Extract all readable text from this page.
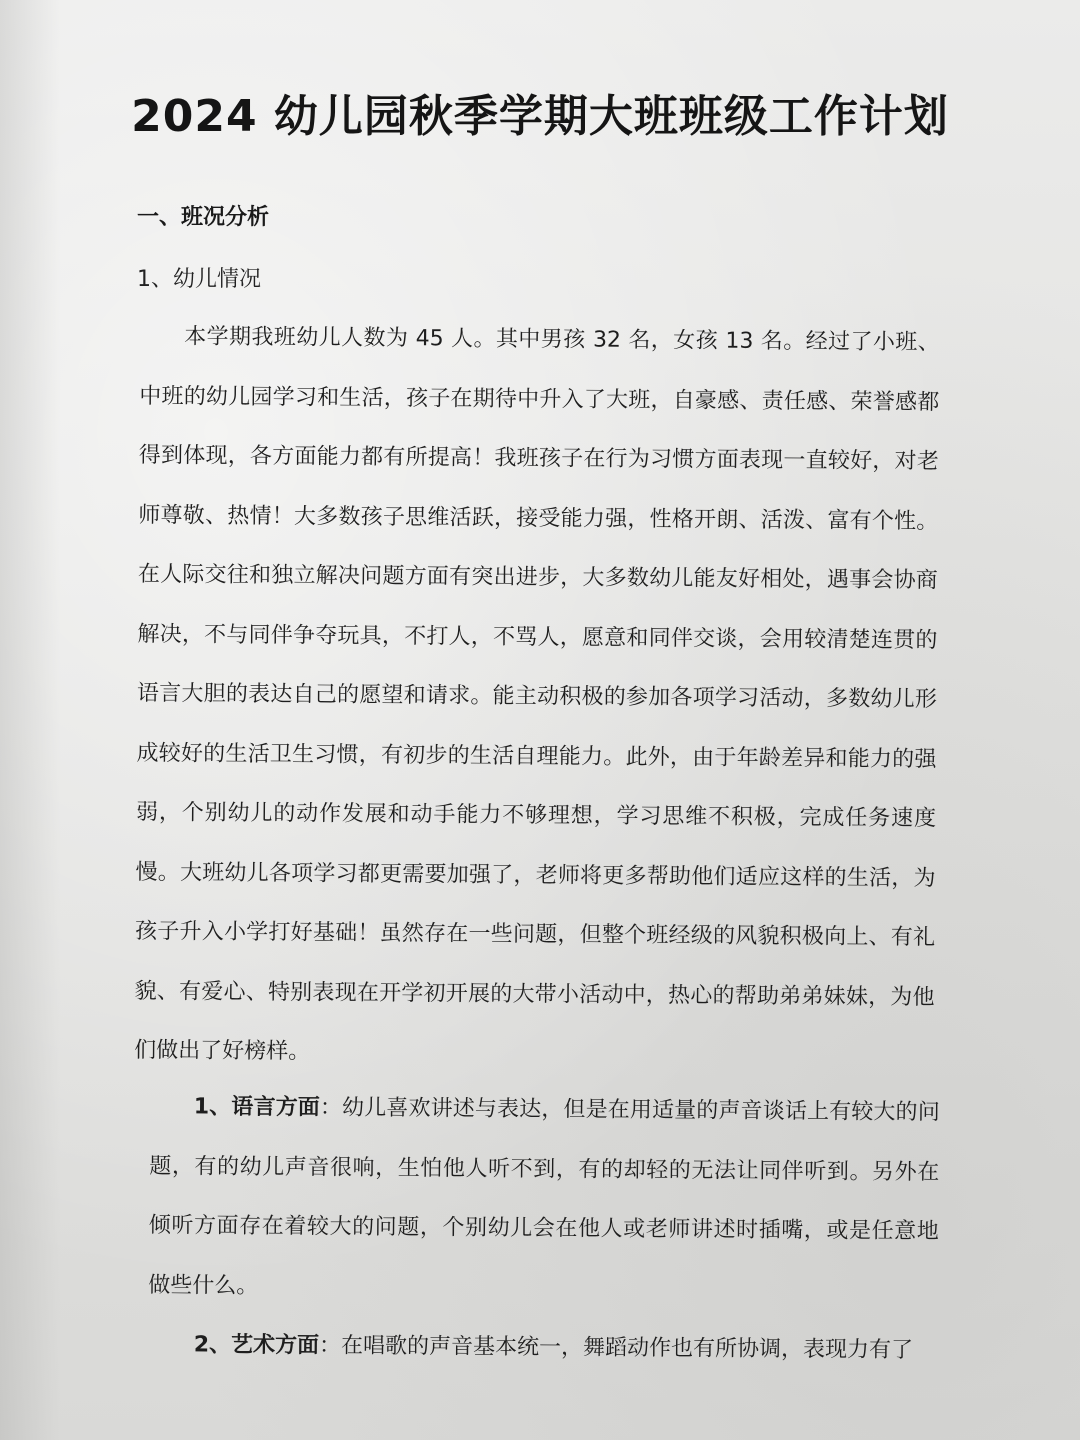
2024 幼儿园秋季学期大班班级工作计划
一、班况分析
1、幼儿情况
本学期我班幼儿人数为 45 人。其中男孩 32 名，女孩 13 名。经过了小班、中班的幼儿园学习和生活，孩子在期待中升入了大班，自豪感、责任感、荣誉感都得到体现，各方面能力都有所提高！我班孩子在行为习惯方面表现一直较好，对老师尊敬、热情！大多数孩子思维活跃，接受能力强，性格开朗、活泼、富有个性。在人际交往和独立解决问题方面有突出进步，大多数幼儿能友好相处，遇事会协商解决，不与同伴争夺玩具，不打人，不骂人，愿意和同伴交谈，会用较清楚连贯的语言大胆的表达自己的愿望和请求。能主动积极的参加各项学习活动，多数幼儿形成较好的生活卫生习惯，有初步的生活自理能力。此外，由于年龄差异和能力的强弱，个别幼儿的动作发展和动手能力不够理想，学习思维不积极，完成任务速度慢。大班幼儿各项学习都更需要加强了，老师将更多帮助他们适应这样的生活，为孩子升入小学打好基础！虽然存在一些问题，但整个班经级的风貌积极向上、有礼貌、有爱心、特别表现在开学初开展的大带小活动中，热心的帮助弟弟妹妹，为他们做出了好榜样。
1、语言方面：幼儿喜欢讲述与表达，但是在用适量的声音谈话上有较大的问题，有的幼儿声音很响，生怕他人听不到，有的却轻的无法让同伴听到。另外在倾听方面存在着较大的问题，个别幼儿会在他人或老师讲述时插嘴，或是任意地做些什么。
2、艺术方面：在唱歌的声音基本统一，舞蹈动作也有所协调，表现力有了
